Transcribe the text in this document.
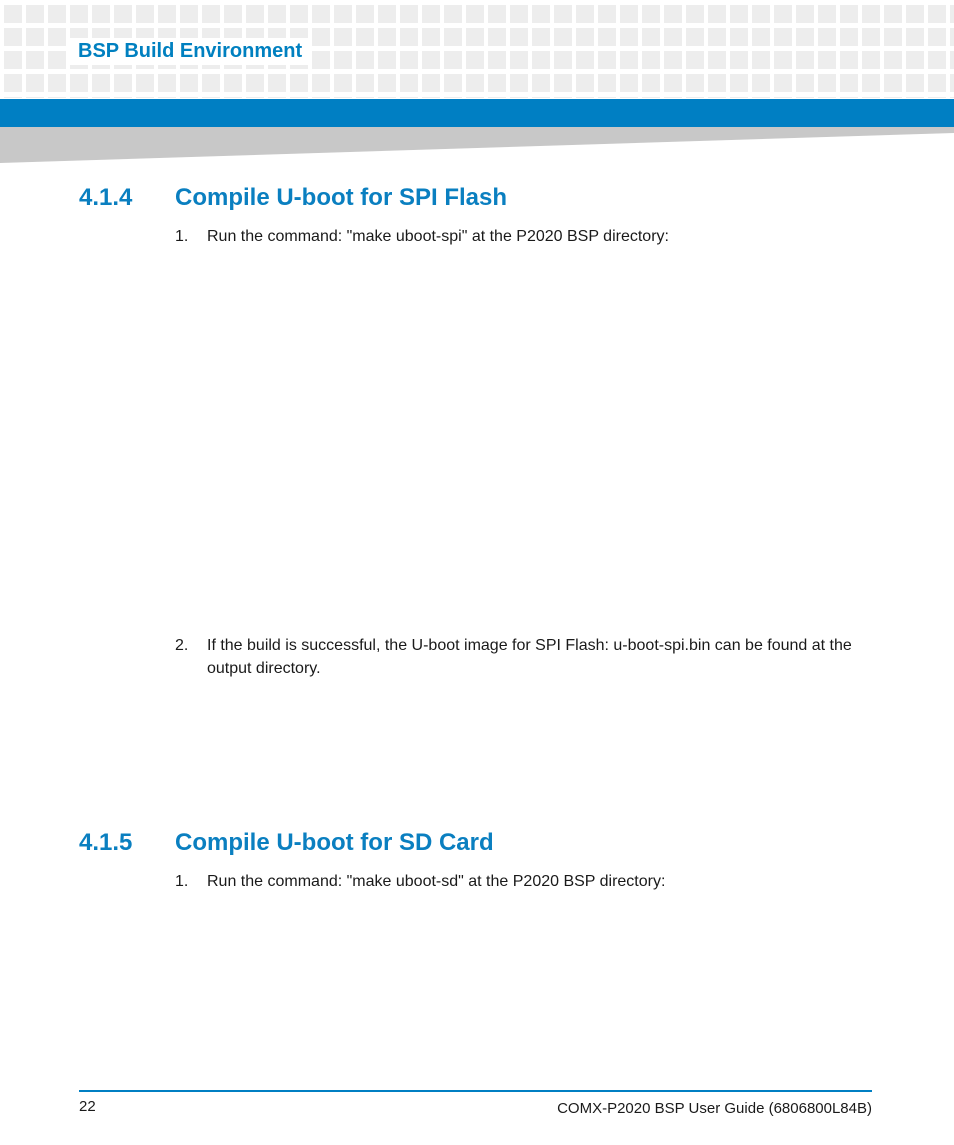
BSP Build Environment
4.1.4	Compile U-boot for SPI Flash
1.	Run the command: "make uboot-spi" at the P2020 BSP directory:
2.	If the build is successful, the U-boot image for SPI Flash: u-boot-spi.bin can be found at the output directory.
4.1.5	Compile U-boot for SD Card
1.	Run the command: "make uboot-sd" at the P2020 BSP directory:
22	COMX-P2020 BSP User Guide (6806800L84B)
